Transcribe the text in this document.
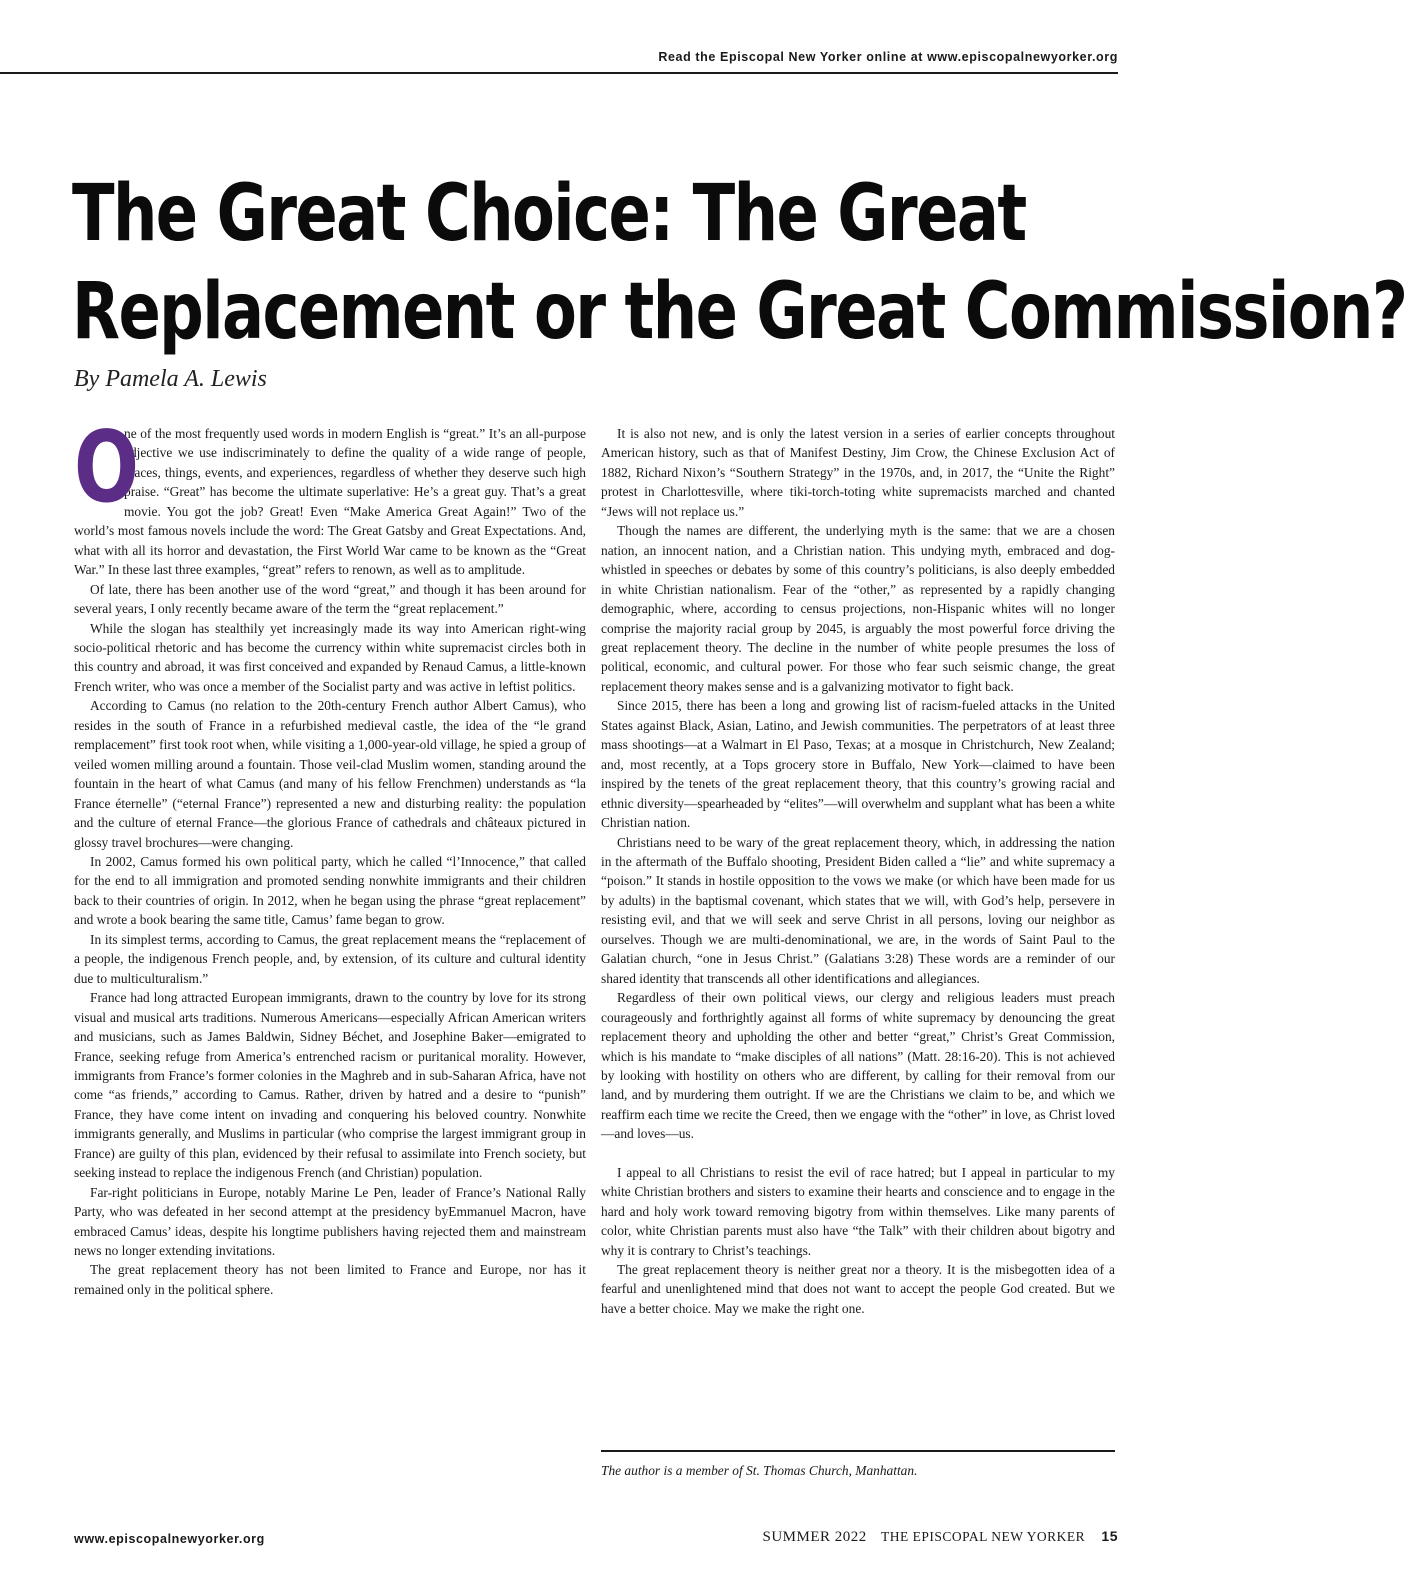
Read the Episcopal New Yorker online at www.episcopalnewyorker.org
The Great Choice: The Great
Replacement or the Great Commission?
By Pamela A. Lewis

O
ne of the most frequently used words in modern English is “great.” It’s an all-purpose adjective we use indiscriminately to define the quality of a wide range of people, places, things, events, and experiences, regardless of whether they deserve such high praise. “Great” has become the ultimate superlative: He’s a great guy. That’s a great movie. You got the job? Great! Even “Make America Great Again!” Two of the world’s most famous novels include the word: The Great Gatsby and Great Expectations. And, what with all its horror and devastation, the First World War came to be known as the “Great War.” In these last three examples, “great” refers to renown, as well as to amplitude.

Of late, there has been another use of the word “great,” and though it has been around for several years, I only recently became aware of the term the “great replacement.”

While the slogan has stealthily yet increasingly made its way into American right-wing socio-political rhetoric and has become the currency within white supremacist circles both in this country and abroad, it was first conceived and expanded by Renaud Camus, a little-known French writer, who was once a member of the Socialist party and was active in leftist politics.

According to Camus (no relation to the 20th-century French author Albert Camus), who resides in the south of France in a refurbished medieval castle, the idea of the “le grand remplacement” first took root when, while visiting a 1,000-year-old village, he spied a group of veiled women milling around a fountain. Those veil-clad Muslim women, standing around the fountain in the heart of what Camus (and many of his fellow Frenchmen) understands as “la France éternelle” (“eternal France”) represented a new and disturbing reality: the population and the culture of eternal France—the glorious France of cathedrals and châteaux pictured in glossy travel brochures—were changing.

In 2002, Camus formed his own political party, which he called “l’Innocence,” that called for the end to all immigration and promoted sending nonwhite immigrants and their children back to their countries of origin. In 2012, when he began using the phrase “great replacement” and wrote a book bearing the same title, Camus’ fame began to grow.

In its simplest terms, according to Camus, the great replacement means the “replacement of a people, the indigenous French people, and, by extension, of its culture and cultural identity due to multiculturalism.”

France had long attracted European immigrants, drawn to the country by love for its strong visual and musical arts traditions. Numerous Americans—especially African American writers and musicians, such as James Baldwin, Sidney Béchet, and Josephine Baker—emigrated to France, seeking refuge from America’s entrenched racism or puritanical morality. However, immigrants from France’s former colonies in the Maghreb and in sub-Saharan Africa, have not come “as friends,” according to Camus. Rather, driven by hatred and a desire to “punish” France, they have come intent on invading and conquering his beloved country. Nonwhite immigrants generally, and Muslims in particular (who comprise the largest immigrant group in France) are guilty of this plan, evidenced by their refusal to assimilate into French society, but seeking instead to replace the indigenous French (and Christian) population.

Far-right politicians in Europe, notably Marine Le Pen, leader of France’s National Rally Party, who was defeated in her second attempt at the presidency byEmmanuel Macron, have embraced Camus’ ideas, despite his longtime publishers having rejected them and mainstream news no longer extending invitations.

The great replacement theory has not been limited to France and Europe, nor has it remained only in the political sphere.

It is also not new, and is only the latest version in a series of earlier concepts throughout American history, such as that of Manifest Destiny, Jim Crow, the Chinese Exclusion Act of 1882, Richard Nixon’s “Southern Strategy” in the 1970s, and, in 2017, the “Unite the Right” protest in Charlottesville, where tiki-torch-toting white supremacists marched and chanted “Jews will not replace us.”

Though the names are different, the underlying myth is the same: that we are a chosen nation, an innocent nation, and a Christian nation. This undying myth, embraced and dog-whistled in speeches or debates by some of this country’s politicians, is also deeply embedded in white Christian nationalism. Fear of the “other,” as represented by a rapidly changing demographic, where, according to census projections, non-Hispanic whites will no longer comprise the majority racial group by 2045, is arguably the most powerful force driving the great replacement theory. The decline in the number of white people presumes the loss of political, economic, and cultural power. For those who fear such seismic change, the great replacement theory makes sense and is a galvanizing motivator to fight back.

Since 2015, there has been a long and growing list of racism-fueled attacks in the United States against Black, Asian, Latino, and Jewish communities. The perpetrators of at least three mass shootings—at a Walmart in El Paso, Texas; at a mosque in Christchurch, New Zealand; and, most recently, at a Tops grocery store in Buffalo, New York—claimed to have been inspired by the tenets of the great replacement theory, that this country’s growing racial and ethnic diversity—spearheaded by “elites”—will overwhelm and supplant what has been a white Christian nation.

Christians need to be wary of the great replacement theory, which, in addressing the nation in the aftermath of the Buffalo shooting, President Biden called a “lie” and white supremacy a “poison.” It stands in hostile opposition to the vows we make (or which have been made for us by adults) in the baptismal covenant, which states that we will, with God’s help, persevere in resisting evil, and that we will seek and serve Christ in all persons, loving our neighbor as ourselves. Though we are multi-denominational, we are, in the words of Saint Paul to the Galatian church, “one in Jesus Christ.” (Galatians 3:28) These words are a reminder of our shared identity that transcends all other identifications and allegiances.

Regardless of their own political views, our clergy and religious leaders must preach courageously and forthrightly against all forms of white supremacy by denouncing the great replacement theory and upholding the other and better “great,” Christ’s Great Commission, which is his mandate to “make disciples of all nations” (Matt. 28:16-20). This is not achieved by looking with hostility on others who are different, by calling for their removal from our land, and by murdering them outright. If we are the Christians we claim to be, and which we reaffirm each time we recite the Creed, then we engage with the “other” in love, as Christ loved—and loves—us.

I appeal to all Christians to resist the evil of race hatred; but I appeal in particular to my white Christian brothers and sisters to examine their hearts and conscience and to engage in the hard and holy work toward removing bigotry from within themselves. Like many parents of color, white Christian parents must also have “the Talk” with their children about bigotry and why it is contrary to Christ’s teachings.

The great replacement theory is neither great nor a theory. It is the misbegotten idea of a fearful and unenlightened mind that does not want to accept the people God created. But we have a better choice. May we make the right one.

The author is a member of St. Thomas Church, Manhattan.
www.episcopalnewyorker.org	SUMMER 2022 THE EPISCOPAL NEW YORKER 15
